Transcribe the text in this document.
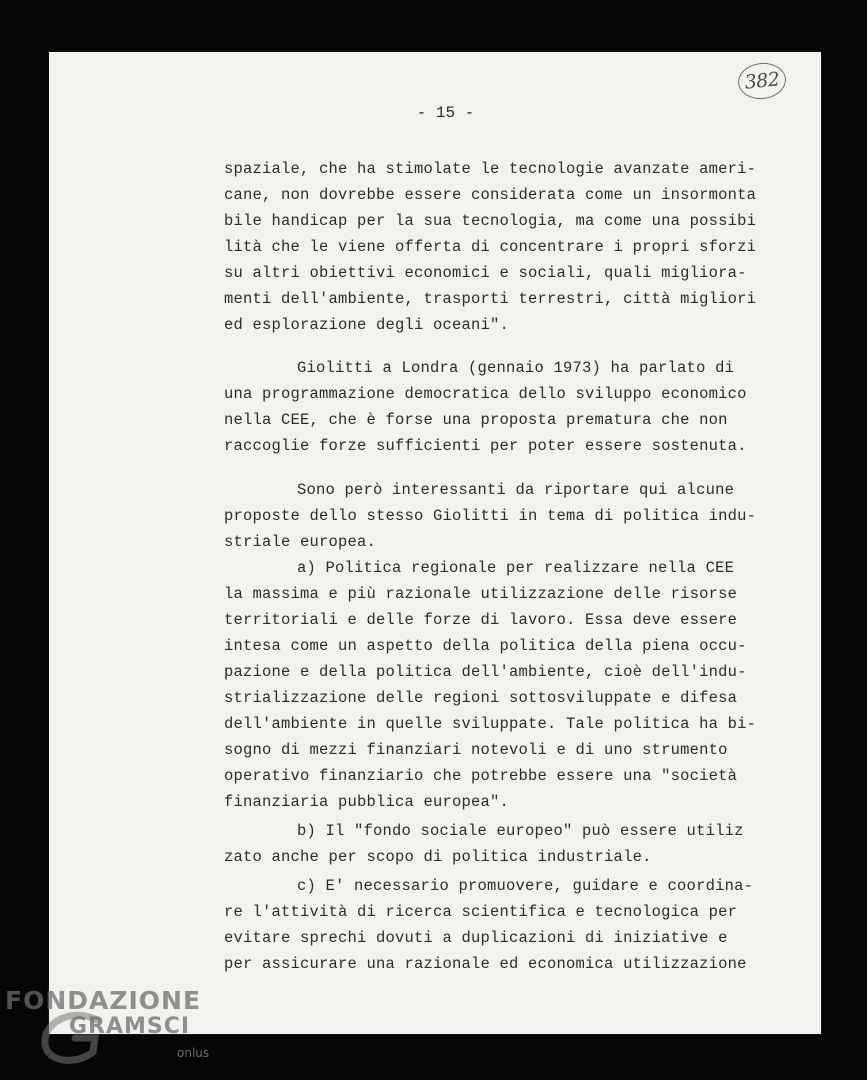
382
- 15 -
spaziale, che ha stimolate le tecnologie avanzate ameri-
cane, non dovrebbe essere considerata come un insormonta
bile handicap per la sua tecnologia, ma come una possibi
lità che le viene offerta di concentrare i propri sforzi
su altri obiettivi economici e sociali, quali migliora-
menti dell'ambiente, trasporti terrestri, città migliori
ed esplorazione degli oceani".
Giolitti a Londra (gennaio 1973) ha parlato di
una programmazione democratica dello sviluppo economico
nella CEE, che è forse una proposta prematura che non
raccoglie forze sufficienti per poter essere sostenuta.
Sono però interessanti da riportare qui alcune
proposte dello stesso Giolitti in tema di politica indu-
striale europea.
a) Politica regionale per realizzare nella CEE
la massima e più razionale utilizzazione delle risorse
territoriali e delle forze di lavoro. Essa deve essere
intesa come un aspetto della politica della piena occu-
pazione e della politica dell'ambiente, cioè dell'indu-
strializzazione delle regioni sottosviluppate e difesa
dell'ambiente in quelle sviluppate. Tale politica ha bi-
sogno di mezzi finanziari notevoli e di uno strumento
operativo finanziario che potrebbe essere una "società
finanziaria pubblica europea".
b) Il "fondo sociale europeo" può essere utiliz
zato anche per scopo di politica industriale.
c) E' necessario promuovere, guidare e coordina-
re l'attività di ricerca scientifica e tecnologica per
evitare sprechi dovuti a duplicazioni di iniziative e
per assicurare una razionale ed economica utilizzazione
FONDAZIONE
GRAMSCI
onlus
